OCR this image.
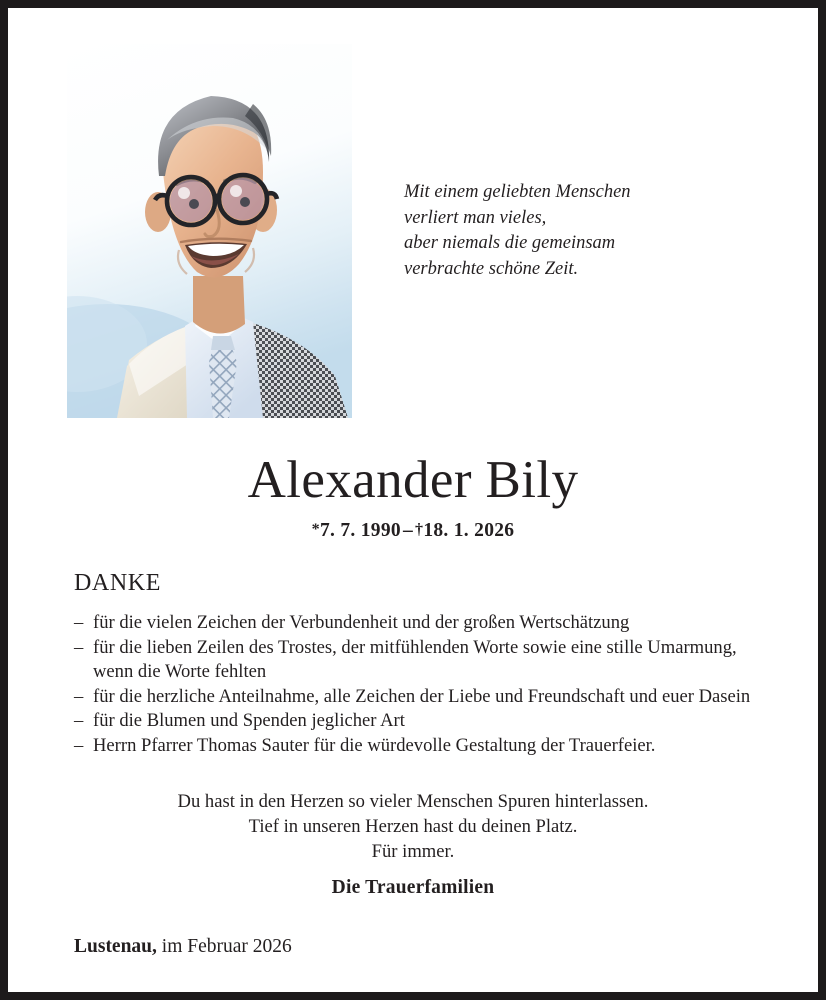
Mit einem geliebten Menschen
verliert man vieles,
aber niemals die gemeinsam
verbrachte schöne Zeit.
Alexander Bily
*7. 7. 1990 – †18. 1. 2026
DANKE

– für die vielen Zeichen der Verbundenheit und der großen Wertschätzung

– für die lieben Zeilen des Trostes, der mitfühlenden Worte sowie eine stille Umarmung, wenn die Worte fehlten

– für die herzliche Anteilnahme, alle Zeichen der Liebe und Freundschaft und euer Dasein

– für die Blumen und Spenden jeglicher Art

– Herrn Pfarrer Thomas Sauter für die würdevolle Gestaltung der Trauerfeier.

Du hast in den Herzen so vieler Menschen Spuren hinterlassen.
Tief in unseren Herzen hast du deinen Platz.
Für immer.
Die Trauerfamilien
Lustenau, im Februar 2026
